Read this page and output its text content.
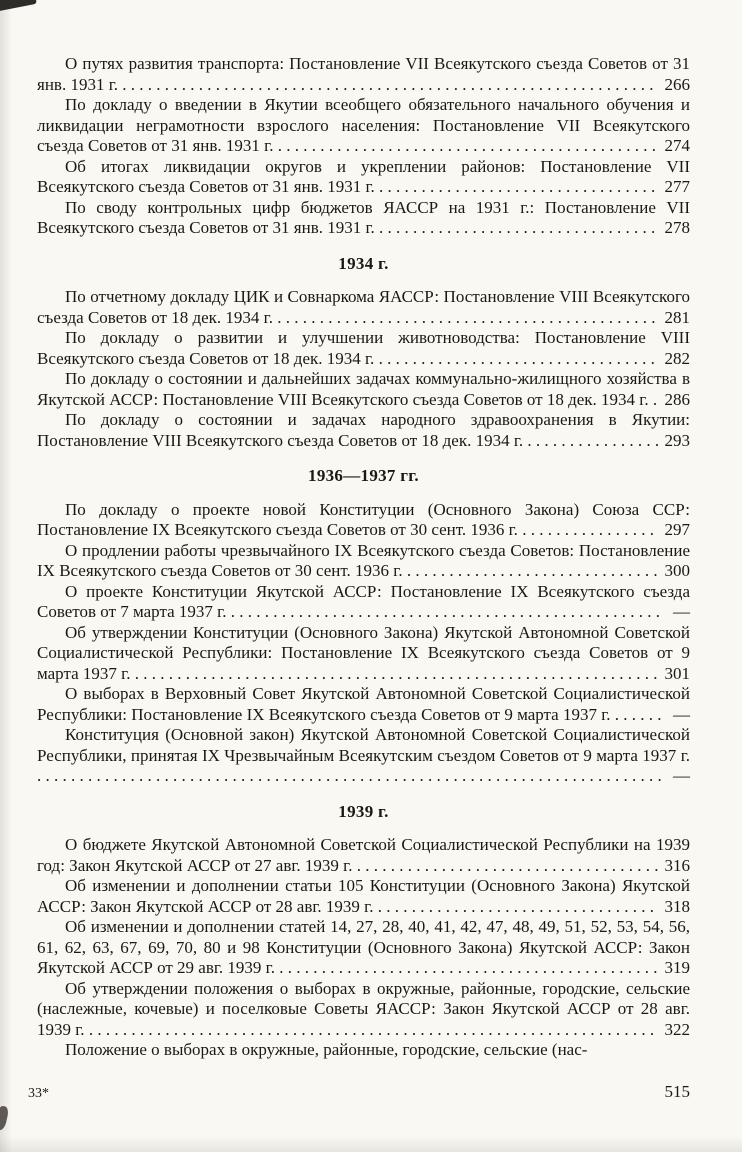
О путях развития транспорта: Постановление VII Всеякутского съезда Советов от 31 янв. 1931 г. . . . . . . . . . . . . . . . . . . . . . . . . . . . . . . . . . . . . . . . . . . . . . . . . . . . . . . . . . . . . . . . 266

По докладу о введении в Якутии всеобщего обязательного начального обучения и ликвидации неграмотности взрослого населения: Постановление VII Всеякутского съезда Советов от 31 янв. 1931 г. . . . . . . . . . . . . . . . . . . . . . . . . . . . . . . . . . . . . . . . . . . . . . 274

Об итогах ликвидации округов и укреплении районов: Постановление VII Всеякутского съезда Советов от 31 янв. 1931 г. . . . . . . . . . . . . . . . . . . . . . . . . . . . . . . . . . 277

По своду контрольных цифр бюджетов ЯАССР на 1931 г.: Постановление VII Всеякутского съезда Советов от 31 янв. 1931 г. . . . . . . . . . . . . . . . . . . . . . . . . . . . . . . . . . 278

1934 г.

По отчетному докладу ЦИК и Совнаркома ЯАССР: Постановление VIII Всеякутского съезда Советов от 18 дек. 1934 г. . . . . . . . . . . . . . . . . . . . . . . . . . . . . . . . . . . . . . . . . . . . . . 281

По докладу о развитии и улучшении животноводства: Постановление VIII Всеякутского съезда Советов от 18 дек. 1934 г. . . . . . . . . . . . . . . . . . . . . . . . . . . . . . . . . . 282

По докладу о состоянии и дальнейших задачах коммунально-жилищного хозяйства в Якутской АССР: Постановление VIII Всеякутского съезда Советов от 18 дек. 1934 г. . 286

По докладу о состоянии и задачах народного здравоохранения в Якутии: Постановление VIII Всеякутского съезда Советов от 18 дек. 1934 г. . . . . . . . . . . . . . . . . 293

1936—1937 гг.

По докладу о проекте новой Конституции (Основного Закона) Союза ССР: Постановление IX Всеякутского съезда Советов от 30 сент. 1936 г. . . . . . . . . . . . . . . . . 297

О продлении работы чрезвычайного IX Всеякутского съезда Советов: Постановление IX Всеякутского съезда Советов от 30 сент. 1936 г. . . . . . . . . . . . . . . . . . . . . . . . . . . . . . . 300

О проекте Конституции Якутской АССР: Постановление IX Всеякутского съезда Советов от 7 марта 1937 г. . . . . . . . . . . . . . . . . . . . . . . . . . . . . . . . . . . . . . . . . . . . . . . . . . . . —

Об утверждении Конституции (Основного Закона) Якутской Автономной Советской Социалистической Республики: Постановление IX Всеякутского съезда Советов от 9 марта 1937 г. . . . . . . . . . . . . . . . . . . . . . . . . . . . . . . . . . . . . . . . . . . . . . . . . . . . . . . . . . . . . . . 301

О выборах в Верховный Совет Якутской Автономной Советской Социалистической Республики: Постановление IX Всеякутского съезда Советов от 9 марта 1937 г. . . . . . . —

Конституция (Основной закон) Якутской Автономной Советской Социалистической Республики, принятая IX Чрезвычайным Всеякутским съездом Советов от 9 марта 1937 г. . . . . . . . . . . . . . . . . . . . . . . . . . . . . . . . . . . . . . . . . . . . . . . . . . . . . . . . . . . . . . . . . . . . . . . . . . . —

1939 г.

О бюджете Якутской Автономной Советской Социалистической Республики на 1939 год: Закон Якутской АССР от 27 авг. 1939 г. . . . . . . . . . . . . . . . . . . . . . . . . . . . . . . . . . . . . 316

Об изменении и дополнении статьи 105 Конституции (Основного Закона) Якутской АССР: Закон Якутской АССР от 28 авг. 1939 г. . . . . . . . . . . . . . . . . . . . . . . . . . . . . . . . . . 318

Об изменении и дополнении статей 14, 27, 28, 40, 41, 42, 47, 48, 49, 51, 52, 53, 54, 56, 61, 62, 63, 67, 69, 70, 80 и 98 Конституции (Основного Закона) Якутской АССР: Закон Якутской АССР от 29 авг. 1939 г. . . . . . . . . . . . . . . . . . . . . . . . . . . . . . . . . . . . . . . . . . . . . . 319

Об утверждении положения о выборах в окружные, районные, городские, сельские (наслежные, кочевые) и поселковые Советы ЯАССР: Закон Якутской АССР от 28 авг. 1939 г. . . . . . . . . . . . . . . . . . . . . . . . . . . . . . . . . . . . . . . . . . . . . . . . . . . . . . . . . . . . . . . . . . . . 322

Положение о выборах в окружные, районные, городские, сельские (нас-

33*	515
